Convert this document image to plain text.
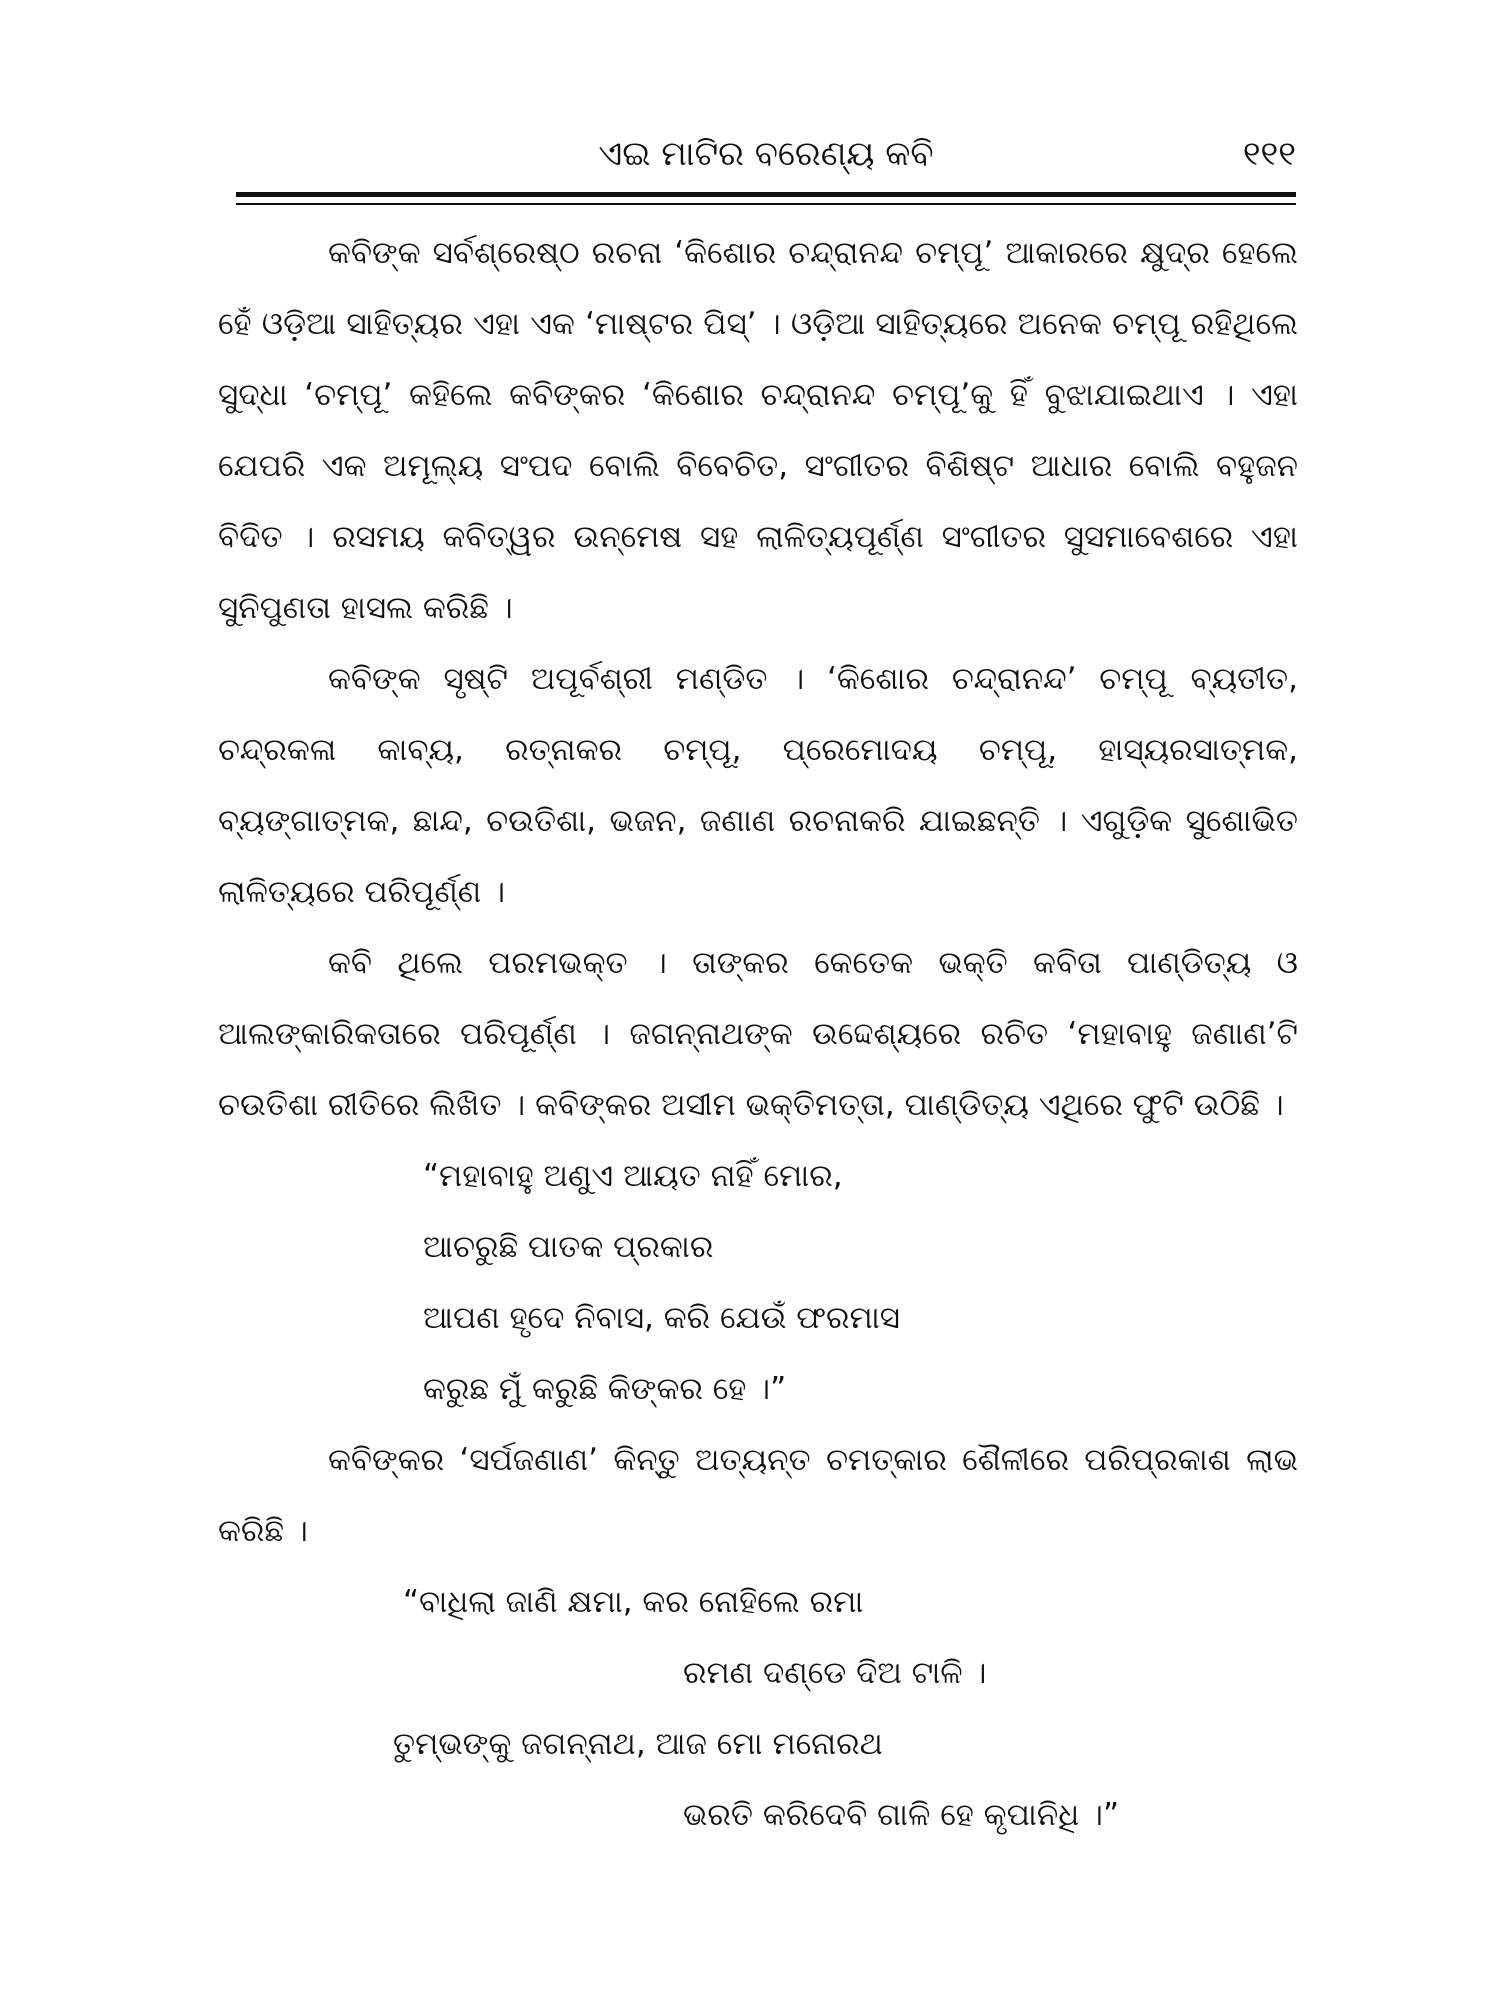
ଏଇ ମାଟିର ବରେଣ୍ୟ କବି	୧୧୧

କବିଙ୍କ ସର୍ବଶ୍ରେଷ୍ଠ ରଚନା ‘କିଶୋର ଚନ୍ଦ୍ରାନନ୍ଦ ଚମ୍ପୂ’ ଆକାରରେ କ୍ଷୁଦ୍ର ହେଲେ ହେଁ ଓଡ଼ିଆ ସାହିତ୍ୟର ଏହା ଏକ ‘ମାଷ୍ଟର ପିସ୍’ । ଓଡ଼ିଆ ସାହିତ୍ୟରେ ଅନେକ ଚମ୍ପୂ ରହିଥିଲେ ସୁଦ୍ଧା ‘ଚମ୍ପୂ’ କହିଲେ କବିଙ୍କର ‘କିଶୋର ଚନ୍ଦ୍ରାନନ୍ଦ ଚମ୍ପୂ’କୁ ହିଁ ବୁଝାଯାଇଥାଏ । ଏହା ଯେପରି ଏକ ଅମୂଲ୍ୟ ସଂପଦ ବୋଲି ବିବେଚିତ, ସଂଗୀତର ବିଶିଷ୍ଟ ଆଧାର ବୋଲି ବହୁଜନ ବିଦିତ । ରସମୟ କବିତ୍ୱର ଉନ୍ମେଷ ସହ ଲାଳିତ୍ୟପୂର୍ଣ୍ଣ ସଂଗୀତର ସୁସମାବେଶରେ ଏହା ସୁନିପୁଣତା ହାସଲ କରିଛି ।

କବିଙ୍କ ସୃଷ୍ଟି ଅପୂର୍ବଶ୍ରୀ ମଣ୍ଡିତ । ‘କିଶୋର ଚନ୍ଦ୍ରାନନ୍ଦ’ ଚମ୍ପୂ ବ୍ୟତୀତ, ଚନ୍ଦ୍ରକଳା କାବ୍ୟ, ରତ୍ନାକର ଚମ୍ପୂ, ପ୍ରେମୋଦୟ ଚମ୍ପୂ, ହାସ୍ୟରସାତ୍ମକ, ବ୍ୟଙ୍ଗାତ୍ମକ, ଛାନ୍ଦ, ଚଉତିଶା, ଭଜନ, ଜଣାଣ ରଚନାକରି ଯାଇଛନ୍ତି । ଏଗୁଡ଼ିକ ସୁଶୋଭିତ ଲାଳିତ୍ୟରେ ପରିପୂର୍ଣ୍ଣ ।

କବି ଥିଲେ ପରମଭକ୍ତ । ତାଙ୍କର କେତେକ ଭକ୍ତି କବିତା ପାଣ୍ଡିତ୍ୟ ଓ ଆଲଙ୍କାରିକତାରେ ପରିପୂର୍ଣ୍ଣ । ଜଗନ୍ନାଥଙ୍କ ଉଦ୍ଦେଶ୍ୟରେ ରଚିତ ‘ମହାବାହୁ ଜଣାଣ’ଟି ଚଉତିଶା ରୀତିରେ ଲିଖିତ । କବିଙ୍କର ଅସୀମ ଭକ୍ତିମତ୍ତା, ପାଣ୍ଡିତ୍ୟ ଏଥିରେ ଫୁଟି ଉଠିଛି ।

“ମହାବାହୁ ଅଣୁଏ ଆୟତ ନାହିଁ ମୋର,
ଆଚରୁଛି ପାତକ ପ୍ରକାର
ଆପଣ ହୃଦେ ନିବାସ, କରି ଯେଉଁ ଫରମାସ
କରୁଛ ମୁଁ କରୁଛି କିଙ୍କର ହେ ।”

କବିଙ୍କର ‘ସର୍ପଜଣାଣ’ କିନ୍ତୁ ଅତ୍ୟନ୍ତ ଚମତ୍କାର ଶୈଳୀରେ ପରିପ୍ରକାଶ ଲାଭ କରିଛି ।

“ବାଧିଲା ଜାଣି କ୍ଷମା, କର ନୋହିଲେ ରମା
ରମଣ ଦଣ୍ଡେ ଦିଅ ଟାଳି ।
ତୁମ୍ଭଙ୍କୁ ଜଗନ୍ନାଥ, ଆଜ ମୋ ମନୋରଥ
ଭରତି କରିଦେବି ଗାଳି ହେ କୃପାନିଧି ।”
